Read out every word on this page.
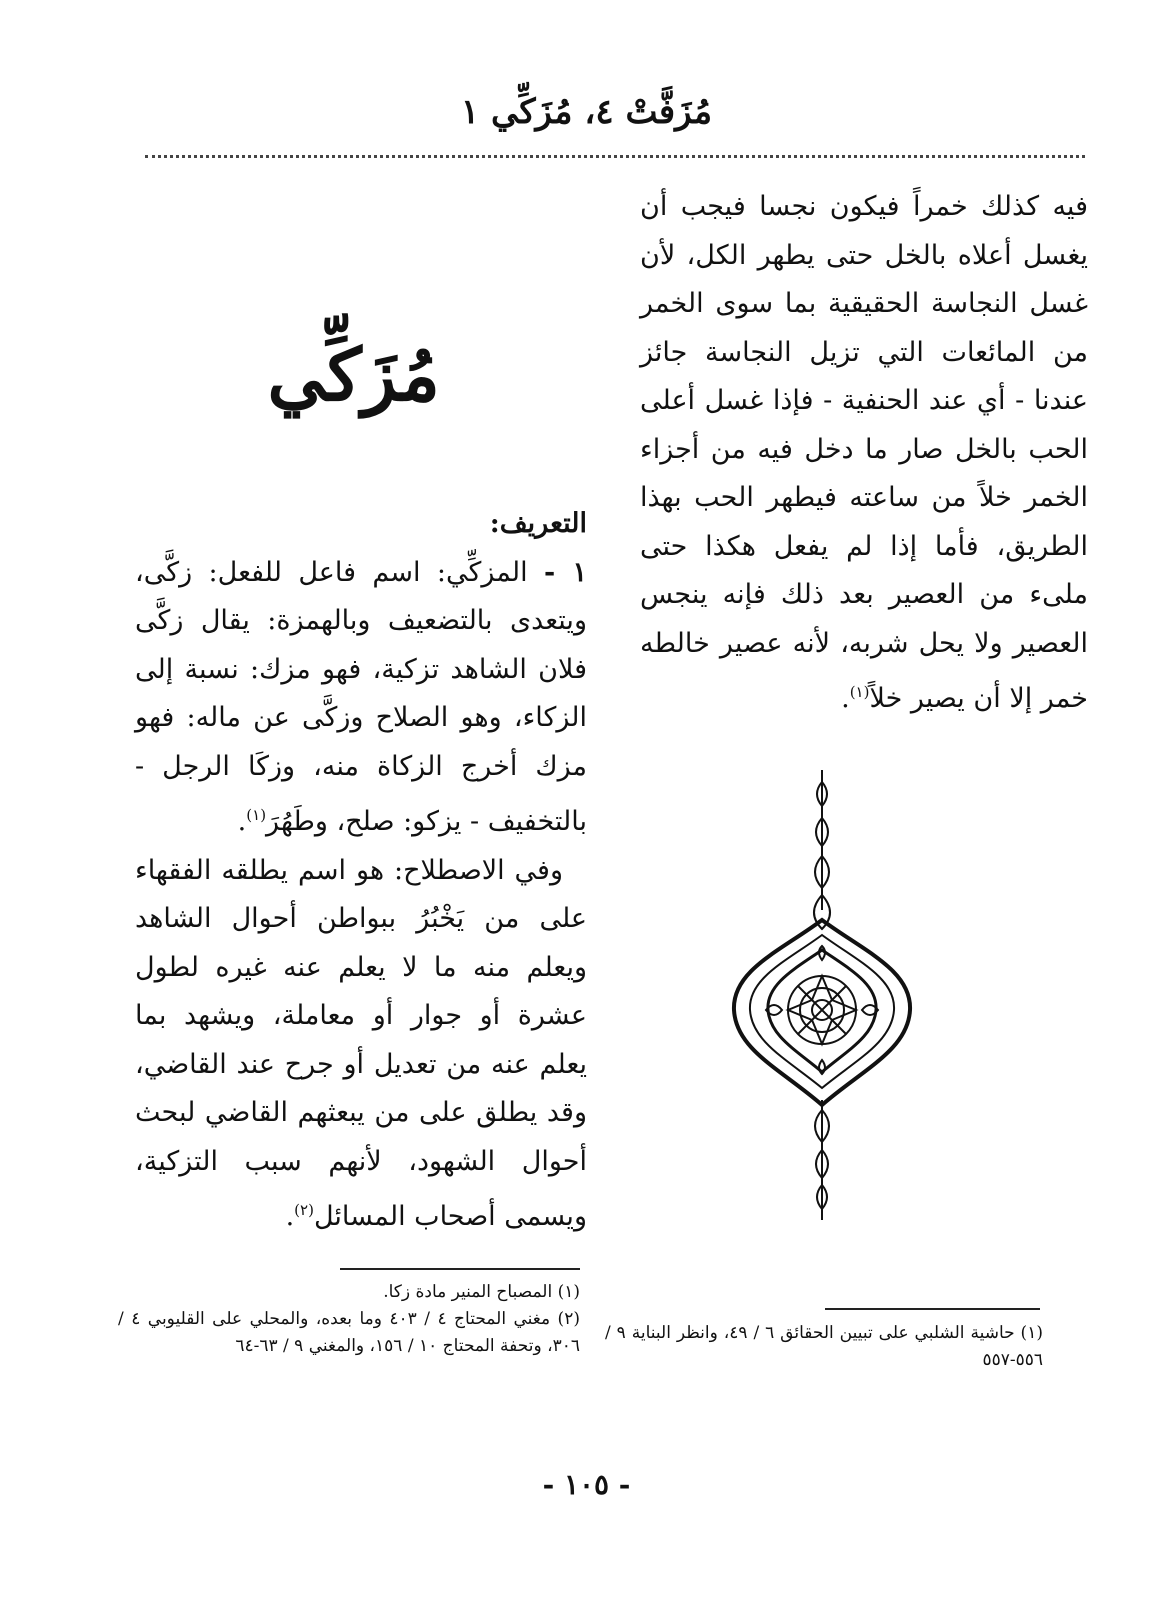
مُزَفَّتْ ٤، مُزَكِّي ١
فيه كذلك خمراً فيكون نجسا فيجب أن يغسل أعلاه بالخل حتى يطهر الكل، لأن غسل النجاسة الحقيقية بما سوى الخمر من المائعات التي تزيل النجاسة جائز عندنا - أي عند الحنفية - فإذا غسل أعلى الحب بالخل صار ما دخل فيه من أجزاء الخمر خلاً من ساعته فيطهر الحب بهذا الطريق، فأما إذا لم يفعل هكذا حتى ملىء من العصير بعد ذلك فإنه ينجس العصير ولا يحل شربه، لأنه عصير خالطه خمر إلا أن يصير خلاً$^{(١)}$.
مُزَكِّي
التعريف:
١ - المزكِّي: اسم فاعل للفعل: زكَّى، ويتعدى بالتضعيف وبالهمزة: يقال زكَّى فلان الشاهد تزكية، فهو مزك: نسبة إلى الزكاء، وهو الصلاح وزكَّى عن ماله: فهو مزك أخرج الزكاة منه، وزكَا الرجل - بالتخفيف - يزكو: صلح، وطَهُرَ$^{(١)}$.
وفي الاصطلاح: هو اسم يطلقه الفقهاء على من يَخْبُرُ ببواطن أحوال الشاهد ويعلم منه ما لا يعلم عنه غيره لطول عشرة أو جوار أو معاملة، ويشهد بما يعلم عنه من تعديل أو جرح عند القاضي، وقد يطلق على من يبعثهم القاضي لبحث أحوال الشهود، لأنهم سبب التزكية، ويسمى أصحاب المسائل$^{(٢)}$.
(١) المصباح المنير مادة زكا.
(٢) مغني المحتاج ٤ / ٤٠٣ وما بعده، والمحلي على القليوبي ٤ / ٣٠٦، وتحفة المحتاج ١٠ / ١٥٦، والمغني ٩ / ٦٣-٦٤
(١) حاشية الشلبي على تبيين الحقائق ٦ / ٤٩، وانظر البناية ٩ / ٥٥٦-٥٥٧
- ١٠٥ -
